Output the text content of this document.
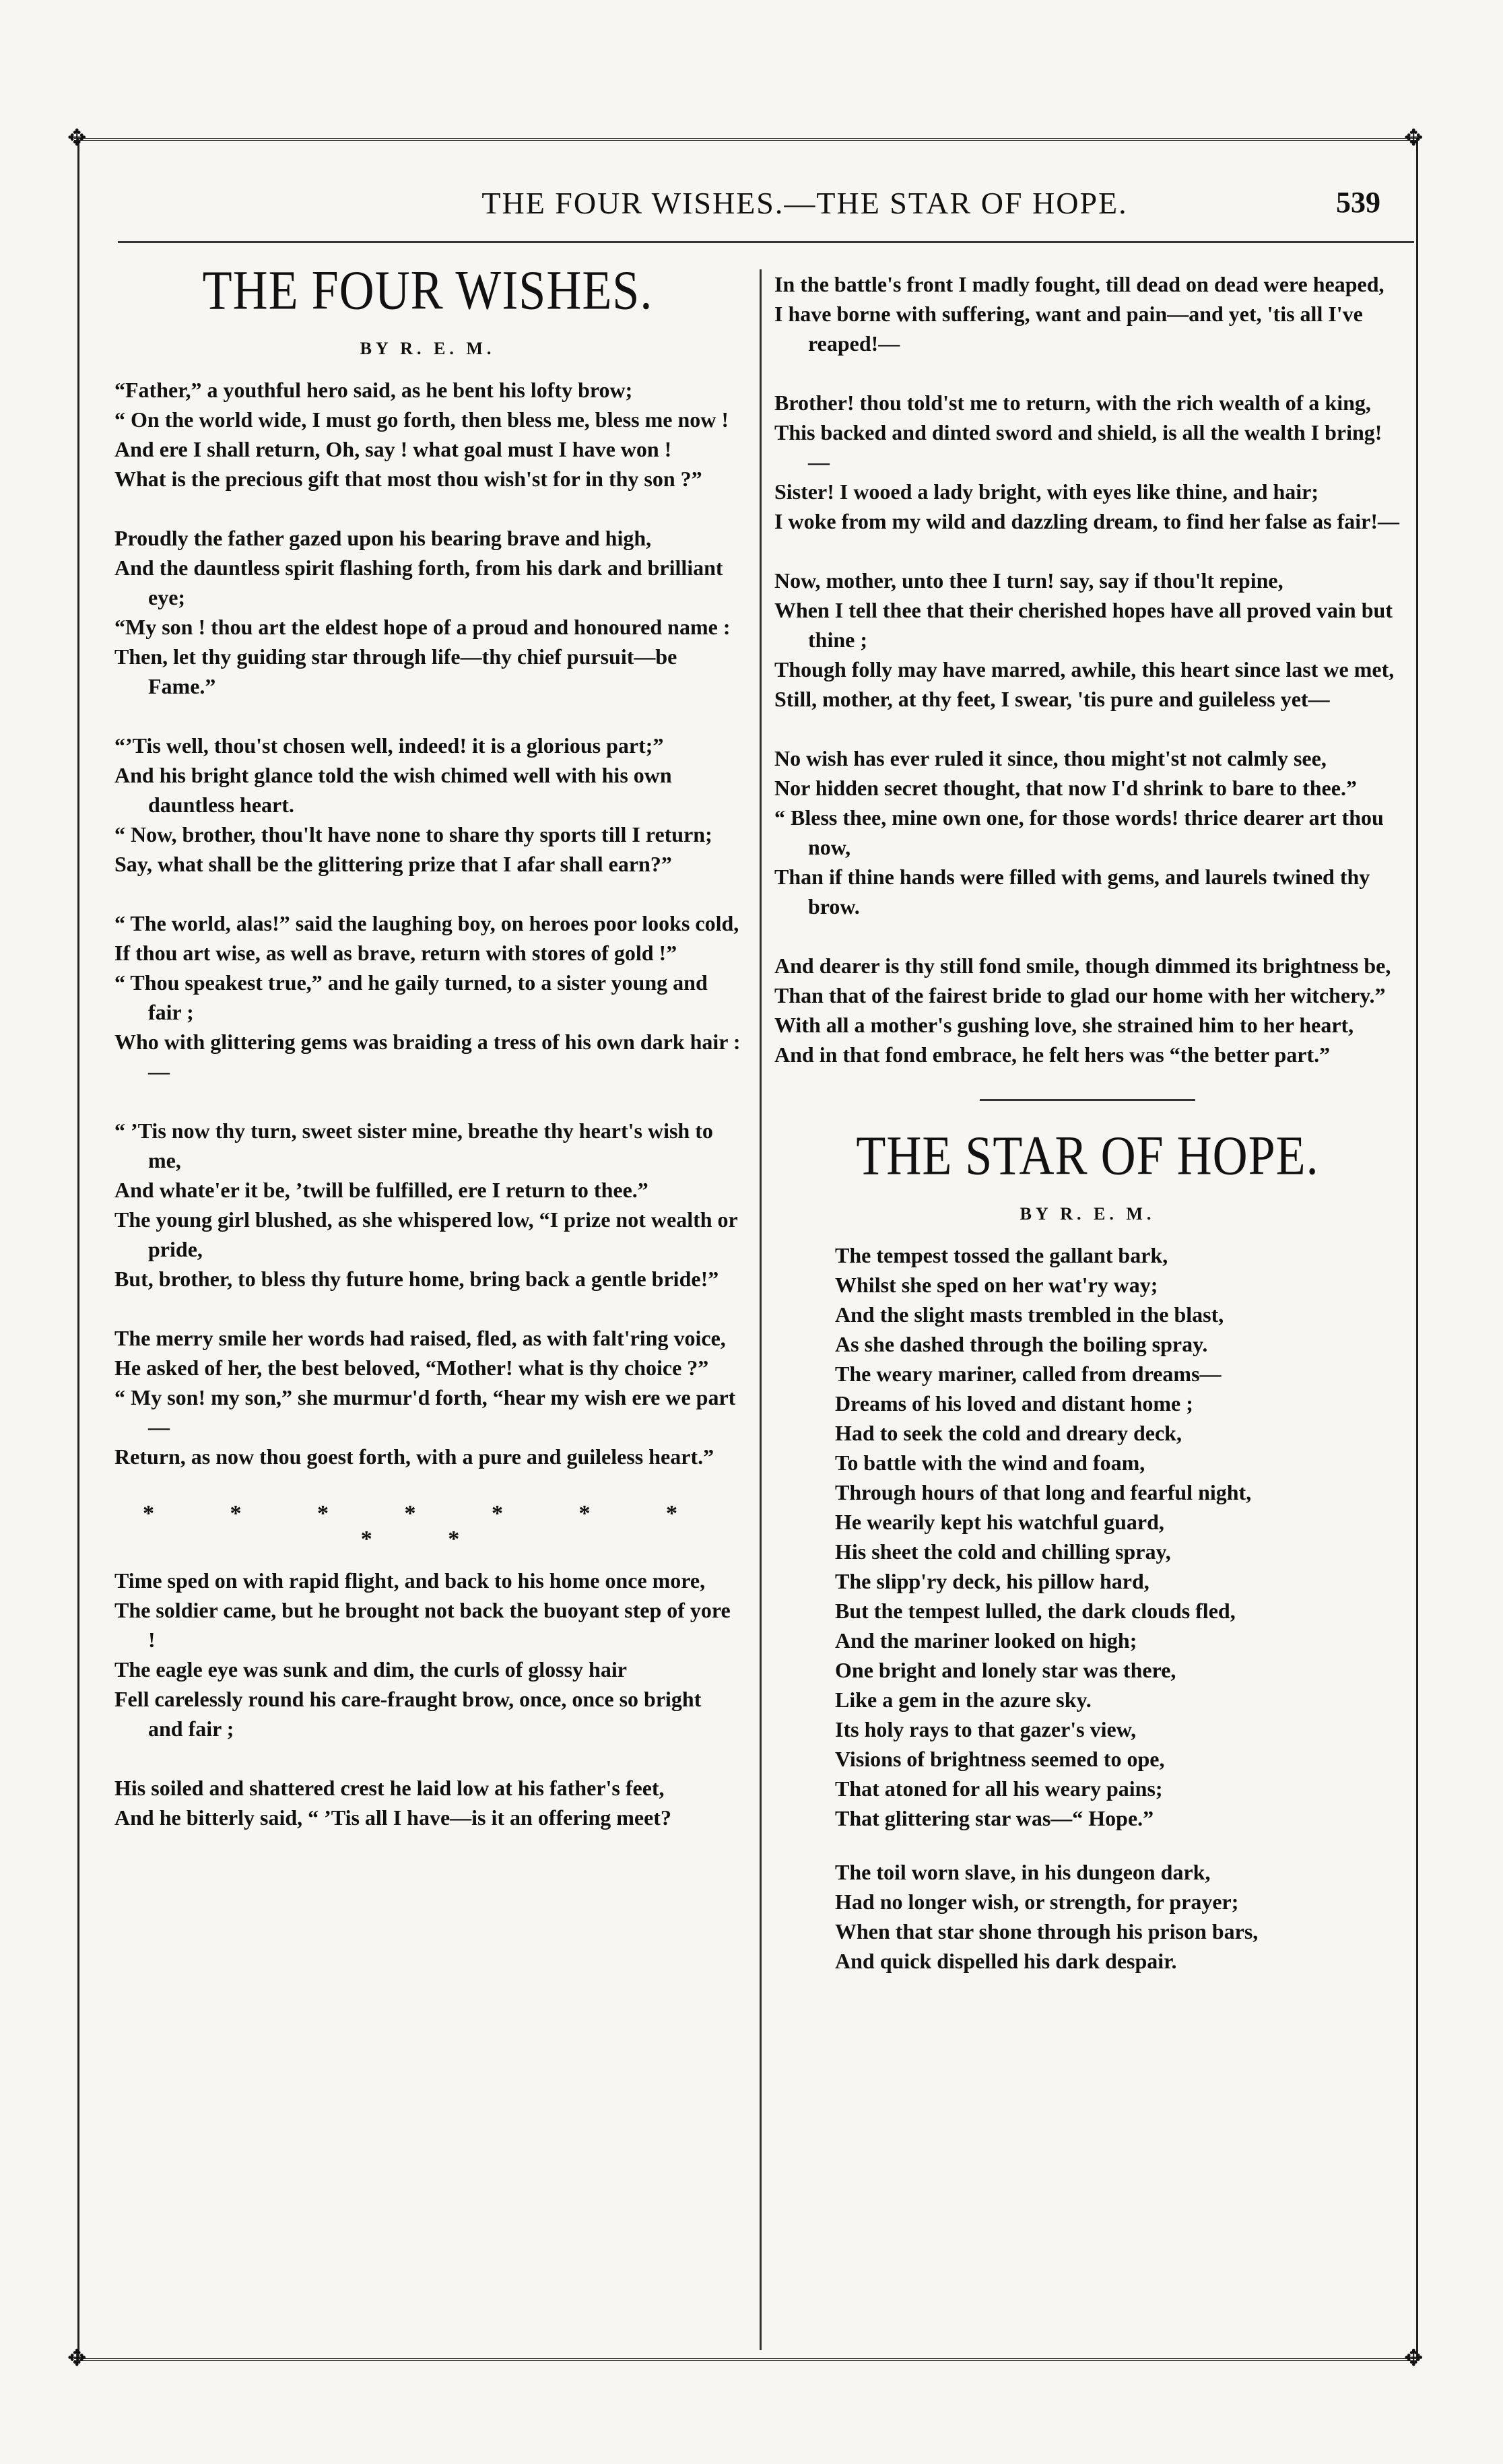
✥	✥
✥	✥
THE FOUR WISHES.—THE STAR OF HOPE.	539
THE FOUR WISHES.
BY R. E. M.
“Father,” a youthful hero said, as he bent his lofty brow;
“ On the world wide, I must go forth, then bless me, bless me now !
And ere I shall return, Oh, say ! what goal must I have won !
What is the precious gift that most thou wish'st for in thy son ?”
Proudly the father gazed upon his bearing brave and high,
And the dauntless spirit flashing forth, from his dark and brilliant eye;
“My son ! thou art the eldest hope of a proud and honoured name :
Then, let thy guiding star through life—thy chief pursuit—be Fame.”
“’Tis well, thou'st chosen well, indeed! it is a glorious part;”
And his bright glance told the wish chimed well with his own dauntless heart.
“ Now, brother, thou'lt have none to share thy sports till I return;
Say, what shall be the glittering prize that I afar shall earn?”
“ The world, alas!” said the laughing boy, on heroes poor looks cold,
If thou art wise, as well as brave, return with stores of gold !”
“ Thou speakest true,” and he gaily turned, to a sister young and fair ;
Who with glittering gems was braiding a tress of his own dark hair :—
“ ’Tis now thy turn, sweet sister mine, breathe thy heart's wish to me,
And whate'er it be, ’twill be fulfilled, ere I return to thee.”
The young girl blushed, as she whispered low, “I prize not wealth or pride,
But, brother, to bless thy future home, bring back a gentle bride!”
The merry smile her words had raised, fled, as with falt'ring voice,
He asked of her, the best beloved, “Mother! what is thy choice ?”
“ My son! my son,” she murmur'd forth, “hear my wish ere we part—
Return, as now thou goest forth, with a pure and guileless heart.”
* * * * * * * * *
Time sped on with rapid flight, and back to his home once more,
The soldier came, but he brought not back the buoyant step of yore !
The eagle eye was sunk and dim, the curls of glossy hair
Fell carelessly round his care-fraught brow, once, once so bright and fair ;
His soiled and shattered crest he laid low at his father's feet,
And he bitterly said, “ ’Tis all I have—is it an offering meet?
In the battle's front I madly fought, till dead on dead were heaped,
I have borne with suffering, want and pain—and yet, 'tis all I've reaped!—
Brother! thou told'st me to return, with the rich wealth of a king,
This backed and dinted sword and shield, is all the wealth I bring!—
Sister! I wooed a lady bright, with eyes like thine, and hair;
I woke from my wild and dazzling dream, to find her false as fair!—
Now, mother, unto thee I turn! say, say if thou'lt repine,
When I tell thee that their cherished hopes have all proved vain but thine ;
Though folly may have marred, awhile, this heart since last we met,
Still, mother, at thy feet, I swear, 'tis pure and guileless yet—
No wish has ever ruled it since, thou might'st not calmly see,
Nor hidden secret thought, that now I'd shrink to bare to thee.”
“ Bless thee, mine own one, for those words! thrice dearer art thou now,
Than if thine hands were filled with gems, and laurels twined thy brow.
And dearer is thy still fond smile, though dimmed its brightness be,
Than that of the fairest bride to glad our home with her witchery.”
With all a mother's gushing love, she strained him to her heart,
And in that fond embrace, he felt hers was “the better part.”
THE STAR OF HOPE.
BY R. E. M.
The tempest tossed the gallant bark,
Whilst she sped on her wat'ry way;
And the slight masts trembled in the blast,
As she dashed through the boiling spray.
The weary mariner, called from dreams—
Dreams of his loved and distant home ;
Had to seek the cold and dreary deck,
To battle with the wind and foam,
Through hours of that long and fearful night,
He wearily kept his watchful guard,
His sheet the cold and chilling spray,
The slipp'ry deck, his pillow hard,
But the tempest lulled, the dark clouds fled,
And the mariner looked on high;
One bright and lonely star was there,
Like a gem in the azure sky.
Its holy rays to that gazer's view,
Visions of brightness seemed to ope,
That atoned for all his weary pains;
That glittering star was—“ Hope.”
The toil worn slave, in his dungeon dark,
Had no longer wish, or strength, for prayer;
When that star shone through his prison bars,
And quick dispelled his dark despair.
